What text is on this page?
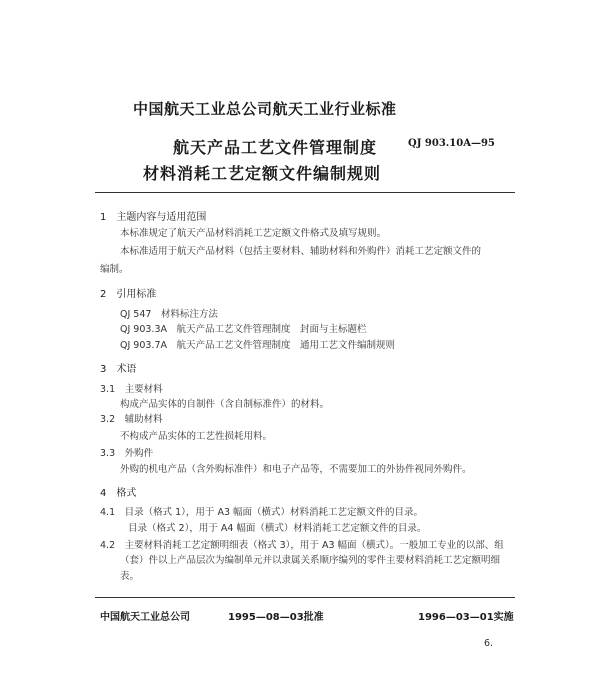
中国航天工业总公司航天工业行业标准
航天产品工艺文件管理制度	QJ 903.10A—95
材料消耗工艺定额文件编制规则
1　主题内容与适用范围
本标准规定了航天产品材料消耗工艺定额文件格式及填写规则。
本标准适用于航天产品材料（包括主要材料、辅助材料和外购件）消耗工艺定额文件的
编制。
2　引用标准
QJ 547　材料标注方法
QJ 903.3A　航天产品工艺文件管理制度　封面与主标题栏
QJ 903.7A　航天产品工艺文件管理制度　通用工艺文件编制规则
3　术语
3.1　主要材料
构成产品实体的自制件（含自制标准件）的材料。
3.2　辅助材料
不构成产品实体的工艺性损耗用料。
3.3　外购件
外购的机电产品（含外购标准件）和电子产品等，不需要加工的外协件视同外购件。
4　格式
4.1　目录（格式 1），用于 A3 幅面（横式）材料消耗工艺定额文件的目录。
目录（格式 2），用于 A4 幅面（横式）材料消耗工艺定额文件的目录。
4.2　主要材料消耗工艺定额明细表（格式 3），用于 A3 幅面（横式）。一般加工专业的以部、组
（套）件以上产品层次为编制单元并以隶属关系顺序编列的零件主要材料消耗工艺定额明细
表。
中国航天工业总公司	1995—08—03批准	1996—03—01实施
6.
